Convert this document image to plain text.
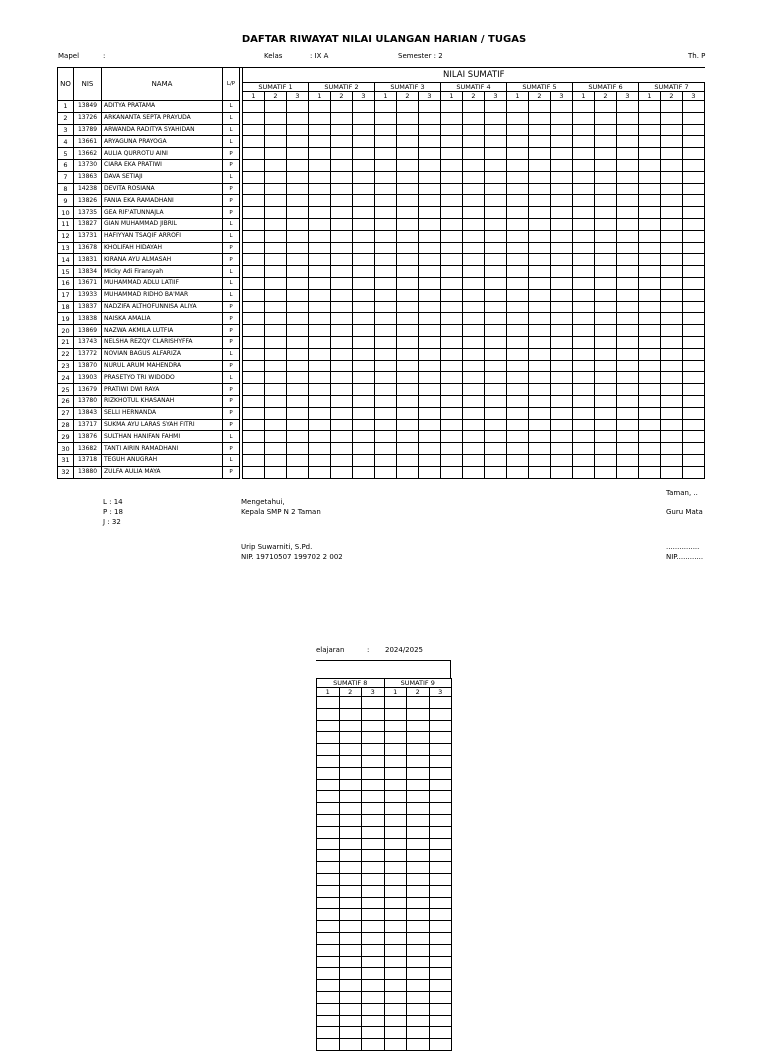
DAFTAR RIWAYAT NILAI ULANGAN HARIAN / TUGAS
Mapel	:	Kelas	: IX A	Semester : 2	Th. P
NO	NIS	NAMA	L/P		NILAI SUMATIF																				
					SUMATIF 1			SUMATIF 2			SUMATIF 3			SUMATIF 4			SUMATIF 5			SUMATIF 6			SUMATIF 7		
					1	2	3	1	2	3	1	2	3	1	2	3	1	2	3	1	2	3	1	2	3
1	13849	ADITYA PRATAMA	L																						
2	13726	ARKANANTA SEPTA PRAYUDA	L																						
3	13789	ARWANDA RADITYA SYAHIDAN	L																						
4	13661	ARYAGUNA PRAYOGA	L																						
5	13662	AULIA QURROTU AINI	P																						
6	13730	CIARA EKA PRATIWI	P																						
7	13863	DAVA SETIAJI	L																						
8	14238	DEVITA ROSIANA	P																						
9	13826	FANIA EKA RAMADHANI	P																						
10	13735	GEA RIF'ATUNNAJLA	P																						
11	13827	GIAN MUHAMMAD JIBRIL	L																						
12	13731	HAFIYYAN TSAQIF ARROFI	L																						
13	13678	KHOLIFAH HIDAYAH	P																						
14	13831	KIRANA AYU ALMASAH	P																						
15	13834	Micky Adi Firansyah	L																						
16	13671	MUHAMMAD ADLU LATIIF	L																						
17	13933	MUHAMMAD RIDHO BA'MAR	L																						
18	13837	NADZIFA ALTHOFUNNISA ALIYA	P																						
19	13838	NAISKA AMALIA	P																						
20	13869	NAZWA AKMILA LUTFIA	P																						
21	13743	NELSHA REZQY CLARISHYFFA	P																						
22	13772	NOVIAN BAGUS ALFARIZA	L																						
23	13870	NURUL ARUM MAHENDRA	P																						
24	13903	PRASETYO TRI WIDODO	L																						
25	13679	PRATIWI DWI RAYA	P																						
26	13780	RIZKHOTUL KHASANAH	P																						
27	13843	SELLI HERNANDA	P																						
28	13717	SUKMA AYU LARAS SYAH FITRI	P																						
29	13876	SULTHAN HANIFAN FAHMI	L																						
30	13682	TANTI AIRIN RAMADHANI	P																						
31	13718	TEGUH ANUGRAH	L																						
32	13880	ZULFA AULIA MAYA	P																						
L : 14
P : 18
J : 32
Mengetahui,
Kepala SMP N 2 Taman
Urip Suwarniti, S.Pd.
NIP. 19710507 199702 2 002
Taman, ..
Guru Mata
...............
NIP............
elajaran	: 2024/2025
SUMATIF 8			SUMATIF 9		
1	2	3	1	2	3
